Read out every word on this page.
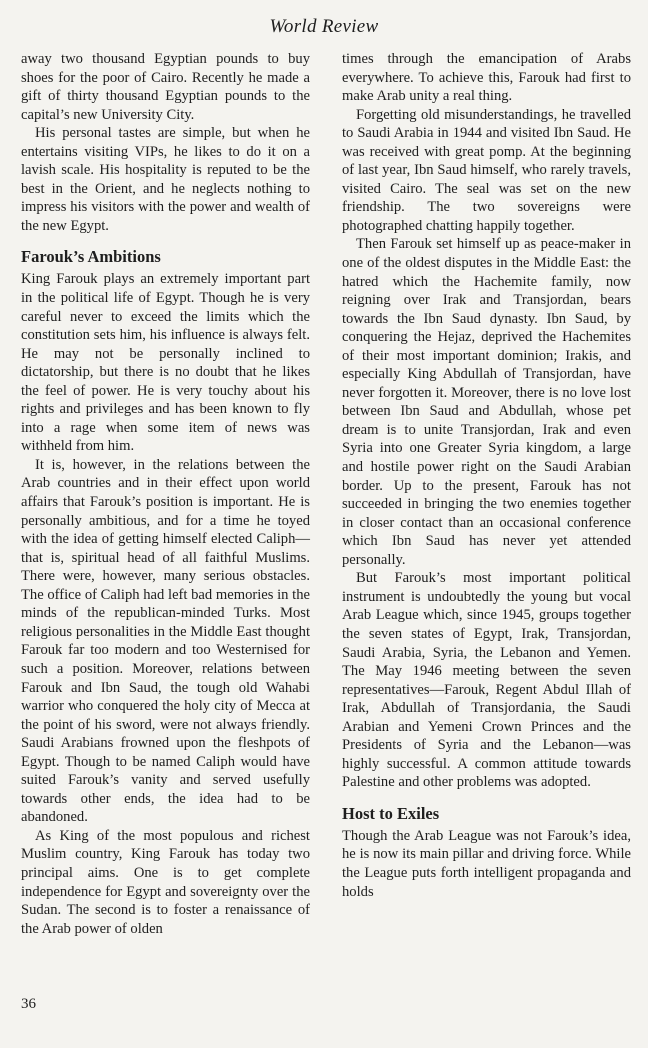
World Review

away two thousand Egyptian pounds to buy shoes for the poor of Cairo. Recently he made a gift of thirty thousand Egyptian pounds to the capital’s new University City.

His personal tastes are simple, but when he entertains visiting VIPs, he likes to do it on a lavish scale. His hospitality is reputed to be the best in the Orient, and he neglects nothing to impress his visitors with the power and wealth of the new Egypt.

Farouk’s Ambitions

King Farouk plays an extremely important part in the political life of Egypt. Though he is very careful never to exceed the limits which the constitution sets him, his influence is always felt. He may not be personally inclined to dictatorship, but there is no doubt that he likes the feel of power. He is very touchy about his rights and privileges and has been known to fly into a rage when some item of news was withheld from him.

It is, however, in the relations between the Arab countries and in their effect upon world affairs that Farouk’s position is important. He is personally ambitious, and for a time he toyed with the idea of getting himself elected Caliph—that is, spiritual head of all faithful Muslims. There were, however, many serious obstacles. The office of Caliph had left bad memories in the minds of the republican-minded Turks. Most religious personalities in the Middle East thought Farouk far too modern and too Westernised for such a position. Moreover, relations between Farouk and Ibn Saud, the tough old Wahabi warrior who conquered the holy city of Mecca at the point of his sword, were not always friendly. Saudi Arabians frowned upon the fleshpots of Egypt. Though to be named Caliph would have suited Farouk’s vanity and served usefully towards other ends, the idea had to be abandoned.

As King of the most populous and richest Muslim country, King Farouk has today two principal aims. One is to get complete independence for Egypt and sovereignty over the Sudan. The second is to foster a renaissance of the Arab power of olden

times through the emancipation of Arabs everywhere. To achieve this, Farouk had first to make Arab unity a real thing.

Forgetting old misunderstandings, he travelled to Saudi Arabia in 1944 and visited Ibn Saud. He was received with great pomp. At the beginning of last year, Ibn Saud himself, who rarely travels, visited Cairo. The seal was set on the new friendship. The two sovereigns were photographed chatting happily together.

Then Farouk set himself up as peace-maker in one of the oldest disputes in the Middle East: the hatred which the Hachemite family, now reigning over Irak and Transjordan, bears towards the Ibn Saud dynasty. Ibn Saud, by conquering the Hejaz, deprived the Hachemites of their most important dominion; Irakis, and especially King Abdullah of Transjordan, have never forgotten it. Moreover, there is no love lost between Ibn Saud and Abdullah, whose pet dream is to unite Transjordan, Irak and even Syria into one Greater Syria kingdom, a large and hostile power right on the Saudi Arabian border. Up to the present, Farouk has not succeeded in bringing the two enemies together in closer contact than an occasional conference which Ibn Saud has never yet attended personally.

But Farouk’s most important political instrument is undoubtedly the young but vocal Arab League which, since 1945, groups together the seven states of Egypt, Irak, Transjordan, Saudi Arabia, Syria, the Lebanon and Yemen. The May 1946 meeting between the seven representatives—Farouk, Regent Abdul Illah of Irak, Abdullah of Transjordania, the Saudi Arabian and Yemeni Crown Princes and the Presidents of Syria and the Lebanon—was highly successful. A common attitude towards Palestine and other problems was adopted.

Host to Exiles

Though the Arab League was not Farouk’s idea, he is now its main pillar and driving force. While the League puts forth intelligent propaganda and holds

36
